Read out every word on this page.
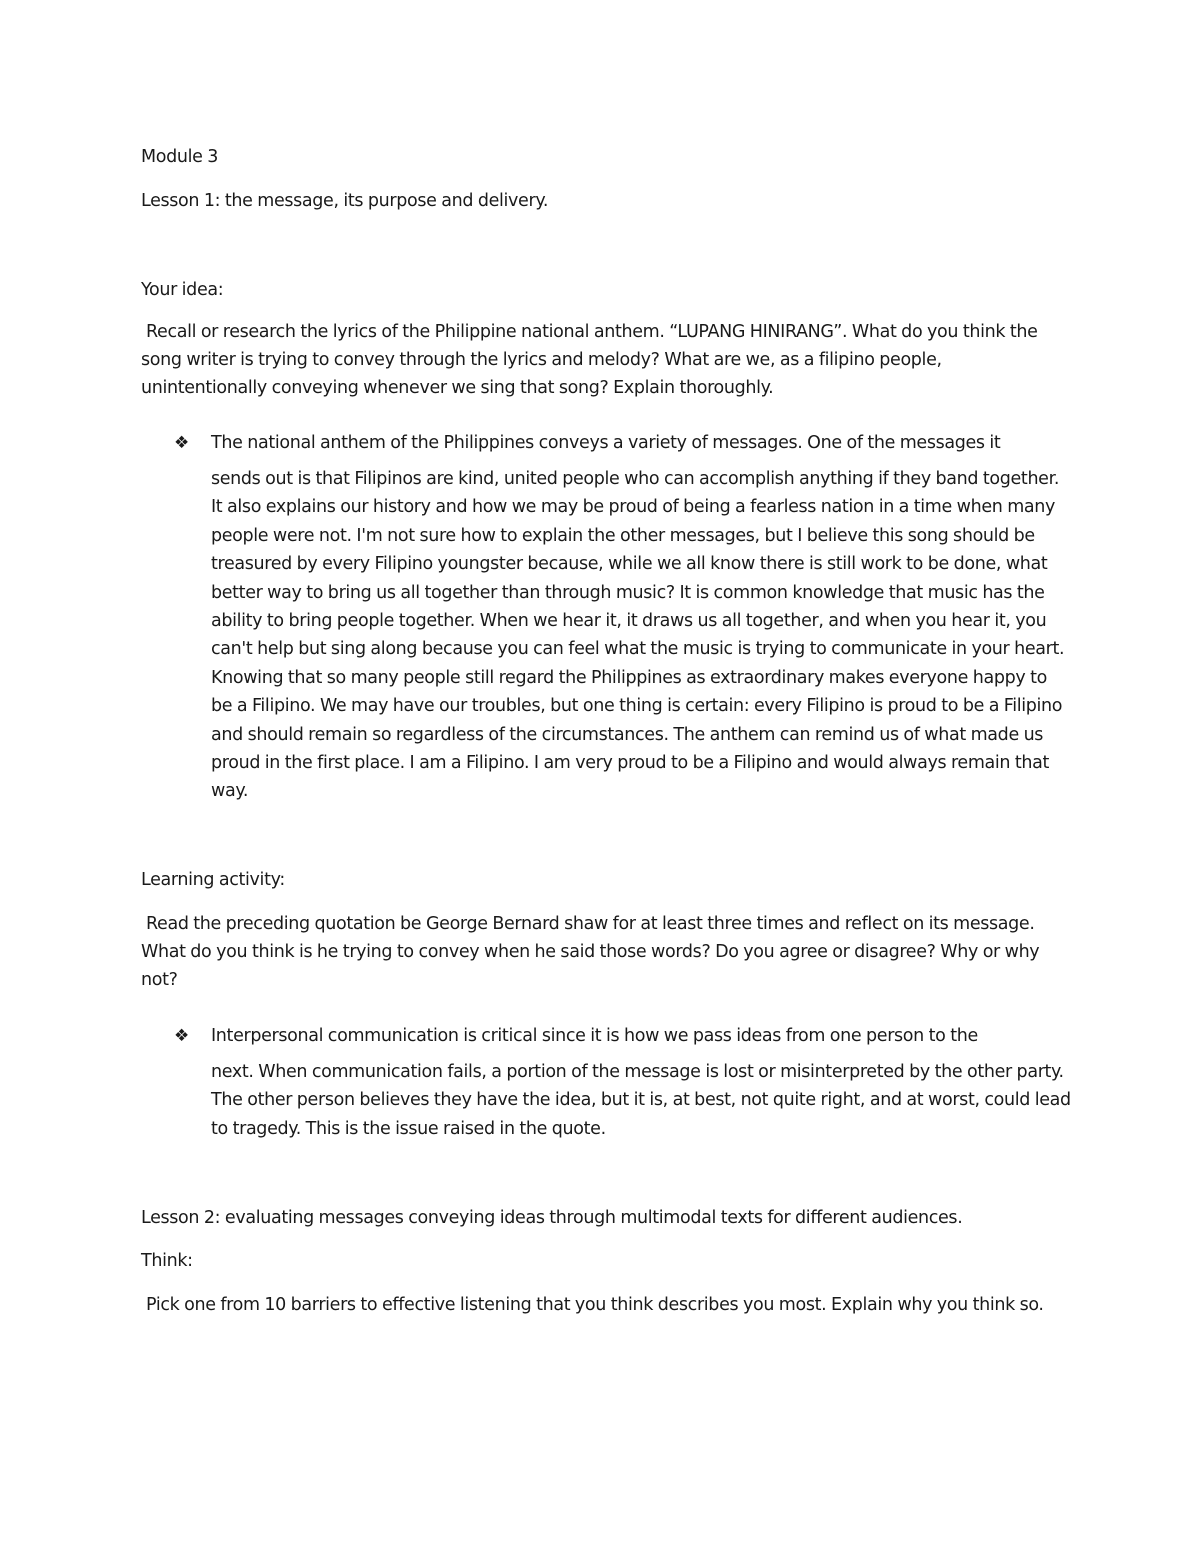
Module 3

Lesson 1: the message, its purpose and delivery.

Your idea:

Recall or research the lyrics of the Philippine national anthem. “LUPANG HINIRANG”. What do you think the song writer is trying to convey through the lyrics and melody? What are we, as a filipino people, unintentionally conveying whenever we sing that song? Explain thoroughly.

❖ The national anthem of the Philippines conveys a variety of messages. One of the messages it
sends out is that Filipinos are kind, united people who can accomplish anything if they band together. It also explains our history and how we may be proud of being a fearless nation in a time when many people were not. I'm not sure how to explain the other messages, but I believe this song should be treasured by every Filipino youngster because, while we all know there is still work to be done, what better way to bring us all together than through music? It is common knowledge that music has the ability to bring people together. When we hear it, it draws us all together, and when you hear it, you can't help but sing along because you can feel what the music is trying to communicate in your heart. Knowing that so many people still regard the Philippines as extraordinary makes everyone happy to be a Filipino. We may have our troubles, but one thing is certain: every Filipino is proud to be a Filipino and should remain so regardless of the circumstances. The anthem can remind us of what made us proud in the first place. I am a Filipino. I am very proud to be a Filipino and would always remain that way.

Learning activity:

Read the preceding quotation be George Bernard shaw for at least three times and reflect on its message. What do you think is he trying to convey when he said those words? Do you agree or disagree? Why or why not?

❖ Interpersonal communication is critical since it is how we pass ideas from one person to the
next. When communication fails, a portion of the message is lost or misinterpreted by the other party. The other person believes they have the idea, but it is, at best, not quite right, and at worst, could lead to tragedy. This is the issue raised in the quote.

Lesson 2: evaluating messages conveying ideas through multimodal texts for different audiences.

Think:

Pick one from 10 barriers to effective listening that you think describes you most. Explain why you think so.
